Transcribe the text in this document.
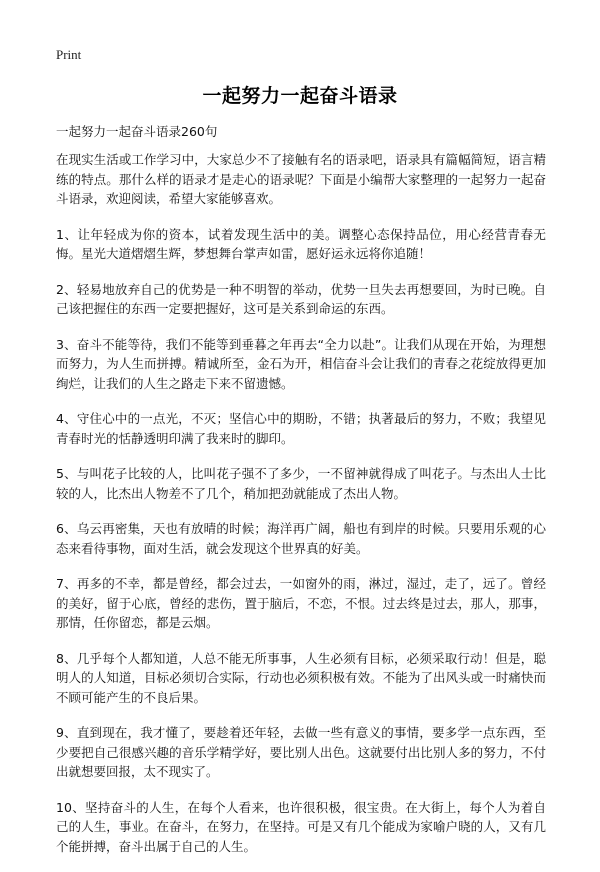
Print
一起努力一起奋斗语录
一起努力一起奋斗语录260句

在现实生活或工作学习中，大家总少不了接触有名的语录吧，语录具有篇幅简短，语言精练的特点。那什么样的语录才是走心的语录呢？下面是小编帮大家整理的一起努力一起奋斗语录，欢迎阅读，希望大家能够喜欢。

1、让年轻成为你的资本，试着发现生活中的美。调整心态保持品位，用心经营青春无悔。星光大道熠熠生辉，梦想舞台掌声如雷，愿好运永远将你追随！

2、轻易地放弃自己的优势是一种不明智的举动，优势一旦失去再想要回，为时已晚。自己该把握住的东西一定要把握好，这可是关系到命运的东西。

3、奋斗不能等待，我们不能等到垂暮之年再去“全力以赴”。让我们从现在开始，为理想而努力，为人生而拼搏。精诚所至，金石为开，相信奋斗会让我们的青春之花绽放得更加绚烂，让我们的人生之路走下来不留遗憾。

4、守住心中的一点光，不灭；坚信心中的期盼，不错；执著最后的努力，不败；我望见青春时光的恬静透明印满了我来时的脚印。

5、与叫花子比较的人，比叫花子强不了多少，一不留神就得成了叫花子。与杰出人士比较的人，比杰出人物差不了几个，稍加把劲就能成了杰出人物。

6、乌云再密集，天也有放晴的时候；海洋再广阔，船也有到岸的时候。只要用乐观的心态来看待事物，面对生活，就会发现这个世界真的好美。

7、再多的不幸，都是曾经，都会过去，一如窗外的雨，淋过，湿过，走了，远了。曾经的美好，留于心底，曾经的悲伤，置于脑后，不恋，不恨。过去终是过去，那人，那事，那情，任你留恋，都是云烟。

8、几乎每个人都知道，人总不能无所事事，人生必须有目标，必须采取行动！但是，聪明人的人知道，目标必须切合实际，行动也必须积极有效。不能为了出风头或一时痛快而不顾可能产生的不良后果。

9、直到现在，我才懂了，要趁着还年轻，去做一些有意义的事情，要多学一点东西，至少要把自己很感兴趣的音乐学精学好，要比别人出色。这就要付出比别人多的努力，不付出就想要回报，太不现实了。

10、坚持奋斗的人生，在每个人看来，也许很积极，很宝贵。在大街上，每个人为着自己的人生，事业。在奋斗，在努力，在坚持。可是又有几个能成为家喻户晓的人，又有几个能拼搏，奋斗出属于自己的人生。
